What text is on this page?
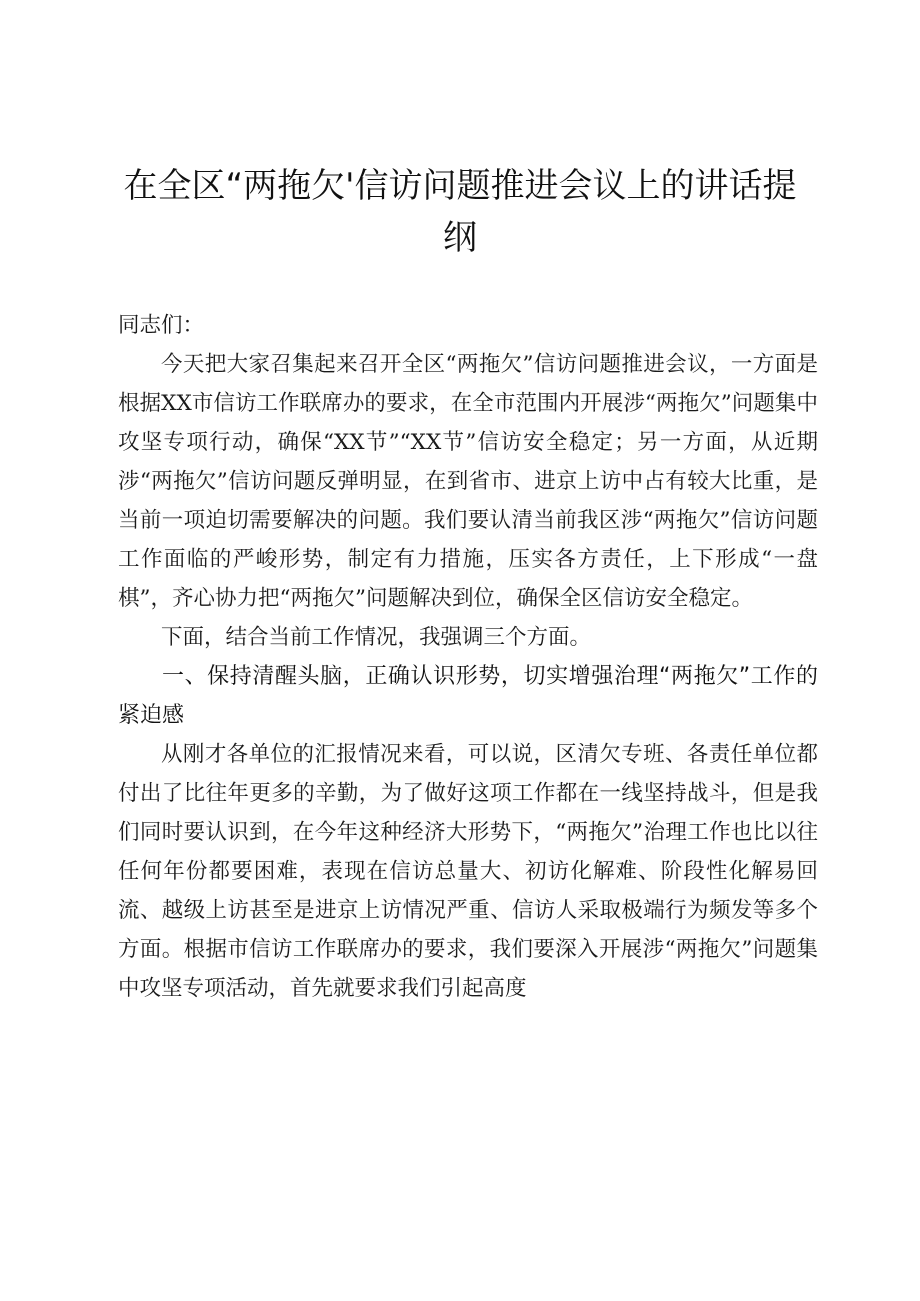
在全区“两拖欠'信访问题推进会议上的讲话提纲

同志们：

今天把大家召集起来召开全区“两拖欠”信访问题推进会议，一方面是根据XX市信访工作联席办的要求，在全市范围内开展涉“两拖欠”问题集中攻坚专项行动，确保“XX节”“XX节”信访安全稳定；另一方面，从近期涉“两拖欠”信访问题反弹明显，在到省市、进京上访中占有较大比重，是当前一项迫切需要解决的问题。我们要认清当前我区涉“两拖欠”信访问题工作面临的严峻形势，制定有力措施，压实各方责任，上下形成“一盘棋”，齐心协力把“两拖欠”问题解决到位，确保全区信访安全稳定。

下面，结合当前工作情况，我强调三个方面。

一、保持清醒头脑，正确认识形势，切实增强治理“两拖欠”工作的紧迫感

从刚才各单位的汇报情况来看，可以说，区清欠专班、各责任单位都付出了比往年更多的辛勤，为了做好这项工作都在一线坚持战斗，但是我们同时要认识到，在今年这种经济大形势下，“两拖欠”治理工作也比以往任何年份都要困难，表现在信访总量大、初访化解难、阶段性化解易回流、越级上访甚至是进京上访情况严重、信访人采取极端行为频发等多个方面。根据市信访工作联席办的要求，我们要深入开展涉“两拖欠”问题集中攻坚专项活动，首先就要求我们引起高度
